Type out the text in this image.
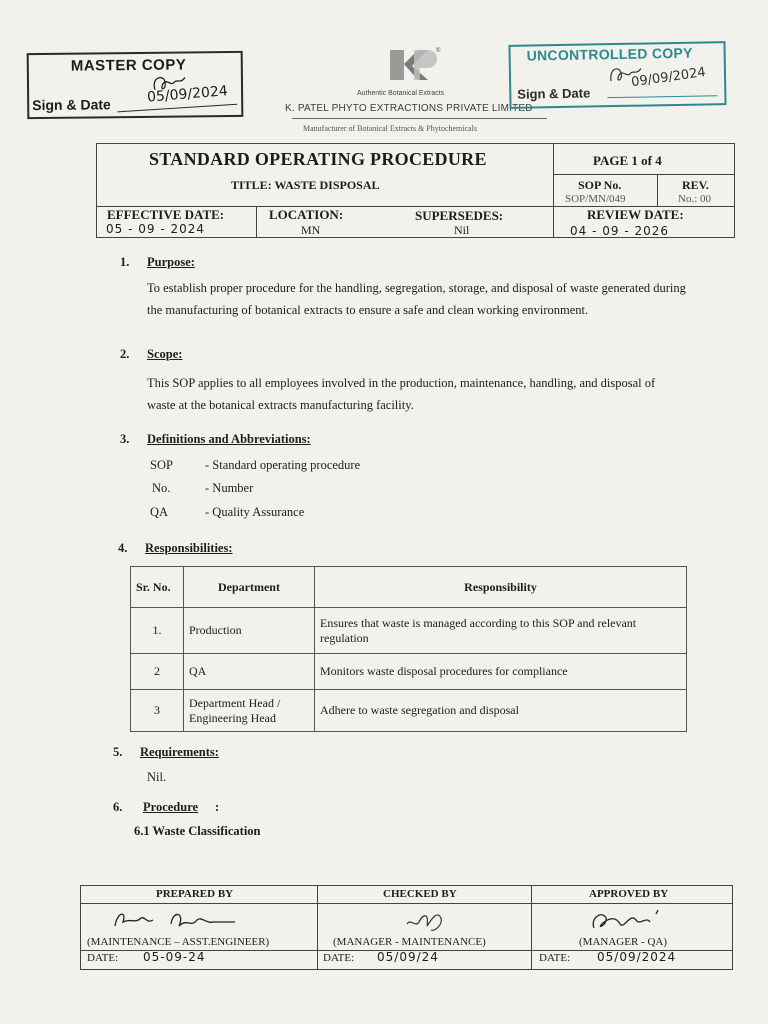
MASTER COPY
Sign & Date	05/09/2024
®
Authentic Botanical Extracts
K. PATEL PHYTO EXTRACTIONS PRIVATE LIMITED
Manufacturer of Botanical Extracts & Phytochemicals
UNCONTROLLED COPY
Sign & Date
09/09/2024
STANDARD OPERATING PROCEDURE
TITLE: WASTE DISPOSAL
PAGE 1 of 4
SOP No.
SOP/MN/049
REV.
No.: 00
EFFECTIVE DATE:
05 - 09 - 2024
LOCATION:
MN
SUPERSEDES:
Nil
REVIEW DATE:
04 - 09 - 2026
1. Purpose:
To establish proper procedure for the handling, segregation, storage, and disposal of waste generated during the manufacturing of botanical extracts to ensure a safe and clean working environment.
2. Scope:
This SOP applies to all employees involved in the production, maintenance, handling, and disposal of waste at the botanical extracts manufacturing facility.
3. Definitions and Abbreviations:
SOP	- Standard operating procedure
No.	- Number
QA	- Quality Assurance
4. Responsibilities:
Sr. No.	Department	Responsibility
1.	Production	Ensures that waste is managed according to this SOP and relevant regulation
2	QA	Monitors waste disposal procedures for compliance
3	Department Head / Engineering Head	Adhere to waste segregation and disposal
5. Requirements:
Nil.
6. Procedure :
6.1 Waste Classification
PREPARED BY	CHECKED BY	APPROVED BY
(MAINTENANCE – ASST.ENGINEER)	(MANAGER - MAINTENANCE)	(MANAGER - QA)
DATE: 05-09-24	DATE: 05/09/24	DATE: 05/09/2024
